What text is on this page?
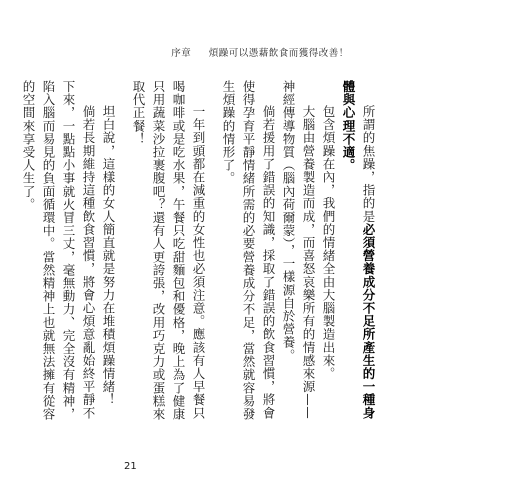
序章 煩躁可以憑藉飲食而獲得改善！

所謂的焦躁，指的是必須營養成分不足所產生的一種身體與心理不適。

包含煩躁在內，我們的情緒全由大腦製造出來。

大腦由營養製造而成，而喜怒哀樂所有的情感來源——神經傳導物質（腦內荷爾蒙），一樣源自於營養。

倘若援用了錯誤的知識，採取了錯誤的飲食習慣，將會使得孕育平靜情緒所需的必要營養成分不足，當然就容易發生煩躁的情形了。

一年到頭都在減重的女性也必須注意。應該有人早餐只喝咖啡或是吃水果，午餐只吃甜麵包和優格，晚上為了健康只用蔬菜沙拉裹腹吧？還有人更誇張，改用巧克力或蛋糕來取代正餐！

坦白說，這樣的女人簡直就是努力在堆積煩躁情緒！

倘若長期維持這種飲食習慣，將會心煩意亂始終平靜不下來，一點點小事就火冒三丈，毫無動力、完全沒有精神，陷入腦而易見的負面循環中。當然精神上也就無法擁有從容的空間來享受人生了。

21
